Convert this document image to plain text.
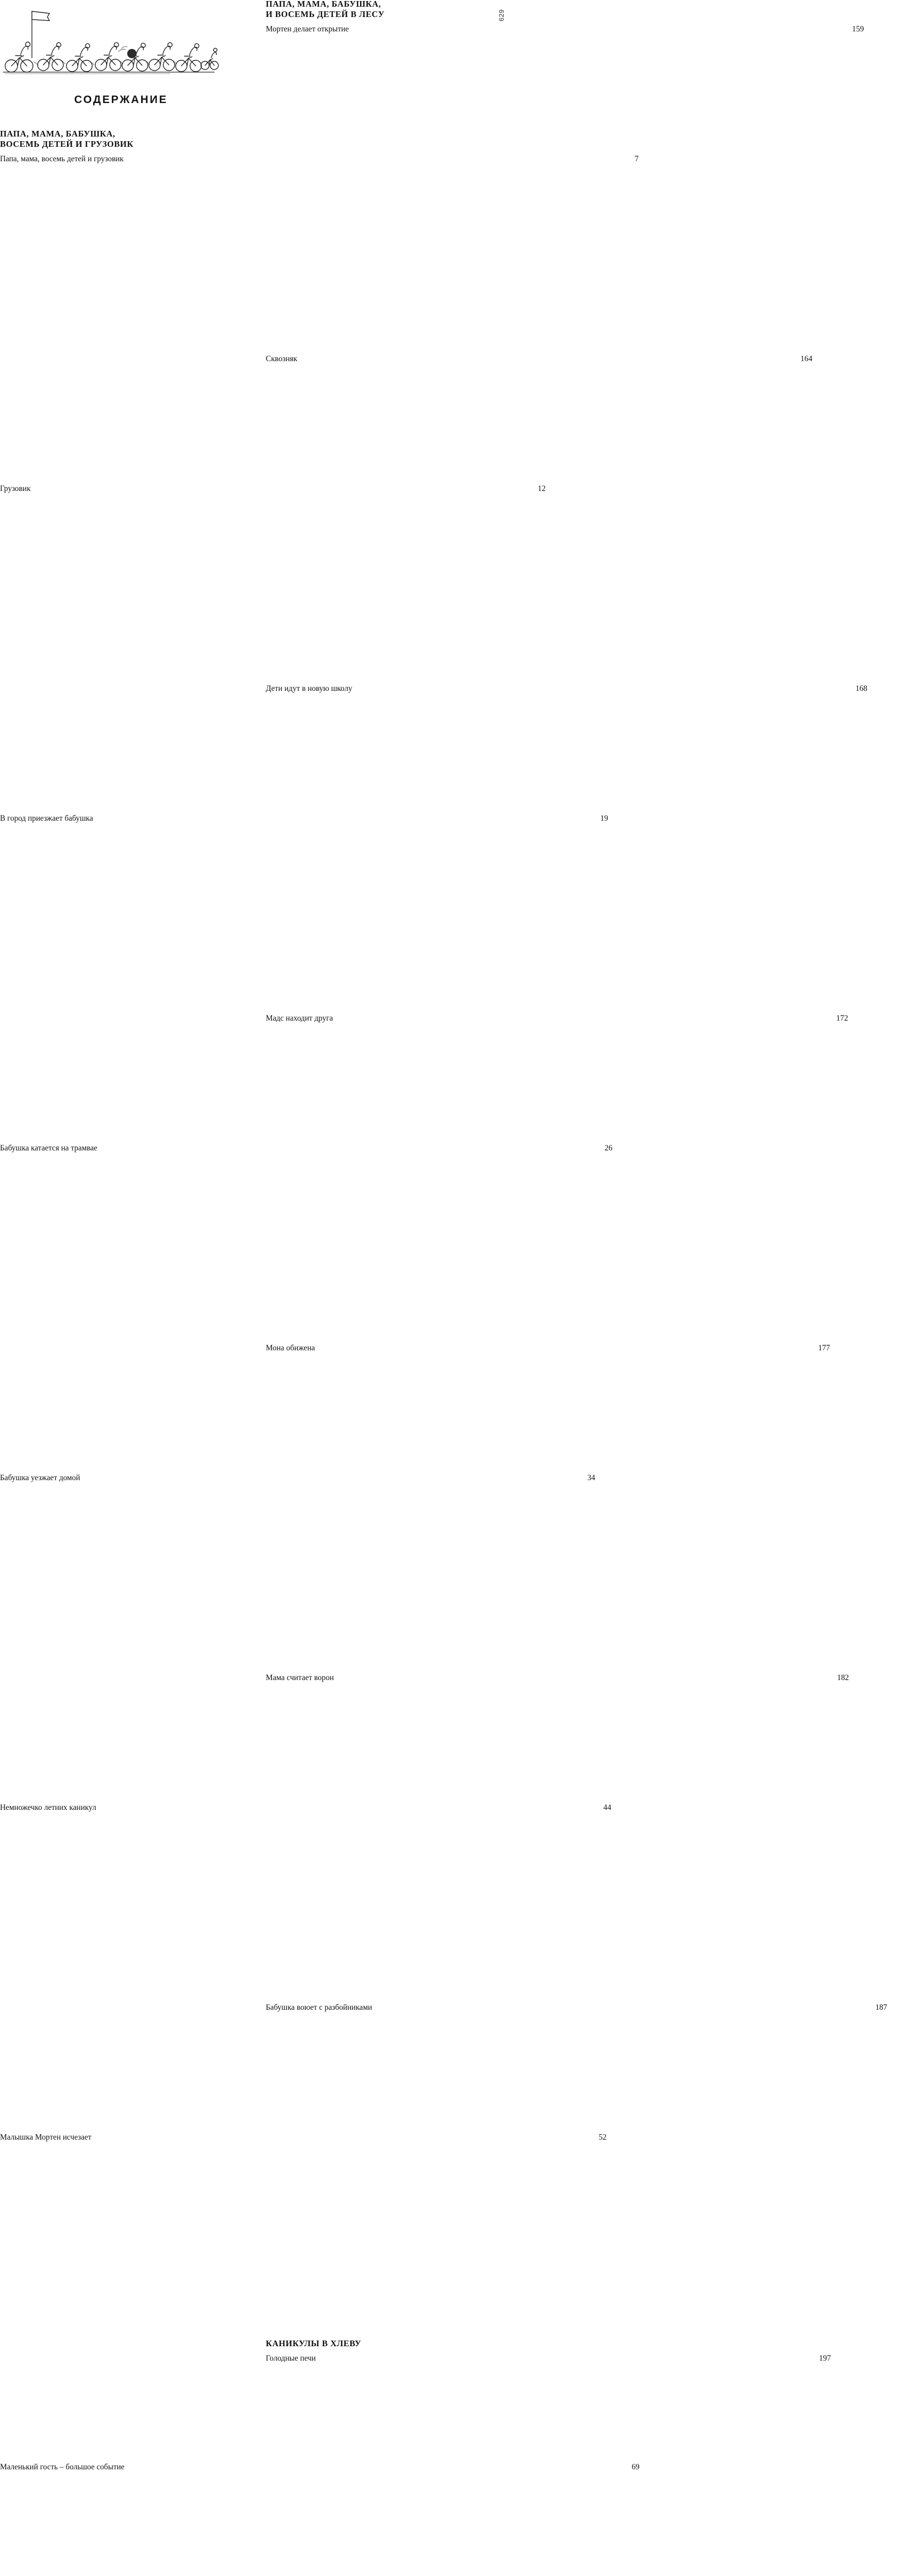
СОДЕРЖАНИЕ
ПАПА, МАМА, БАБУШКА,
ВОСЕМЬ ДЕТЕЙ И ГРУЗОВИК
Папа, мама, восемь детей и грузовик	7
Грузовик	12
В город приезжает бабушка	19
Бабушка катается на трамвае	26
Бабушка уезжает домой	34
Немножечко летних каникул	44
Малышка Мортен исчезает	52
Маленький гость – большое событие	69
629
ПАПА, МАМА, БАБУШКА,
И ВОСЕМЬ ДЕТЕЙ В ЛЕСУ
Мортен делает открытие	159
Сквозняк	164
Дети идут в новую школу	168
Мадс находит друга	172
Мона обижена	177
Мама считает ворон	182
Бабушка воюет с разбойниками	187
КАНИКУЛЫ В ХЛЕВУ
Голодные печи	197
